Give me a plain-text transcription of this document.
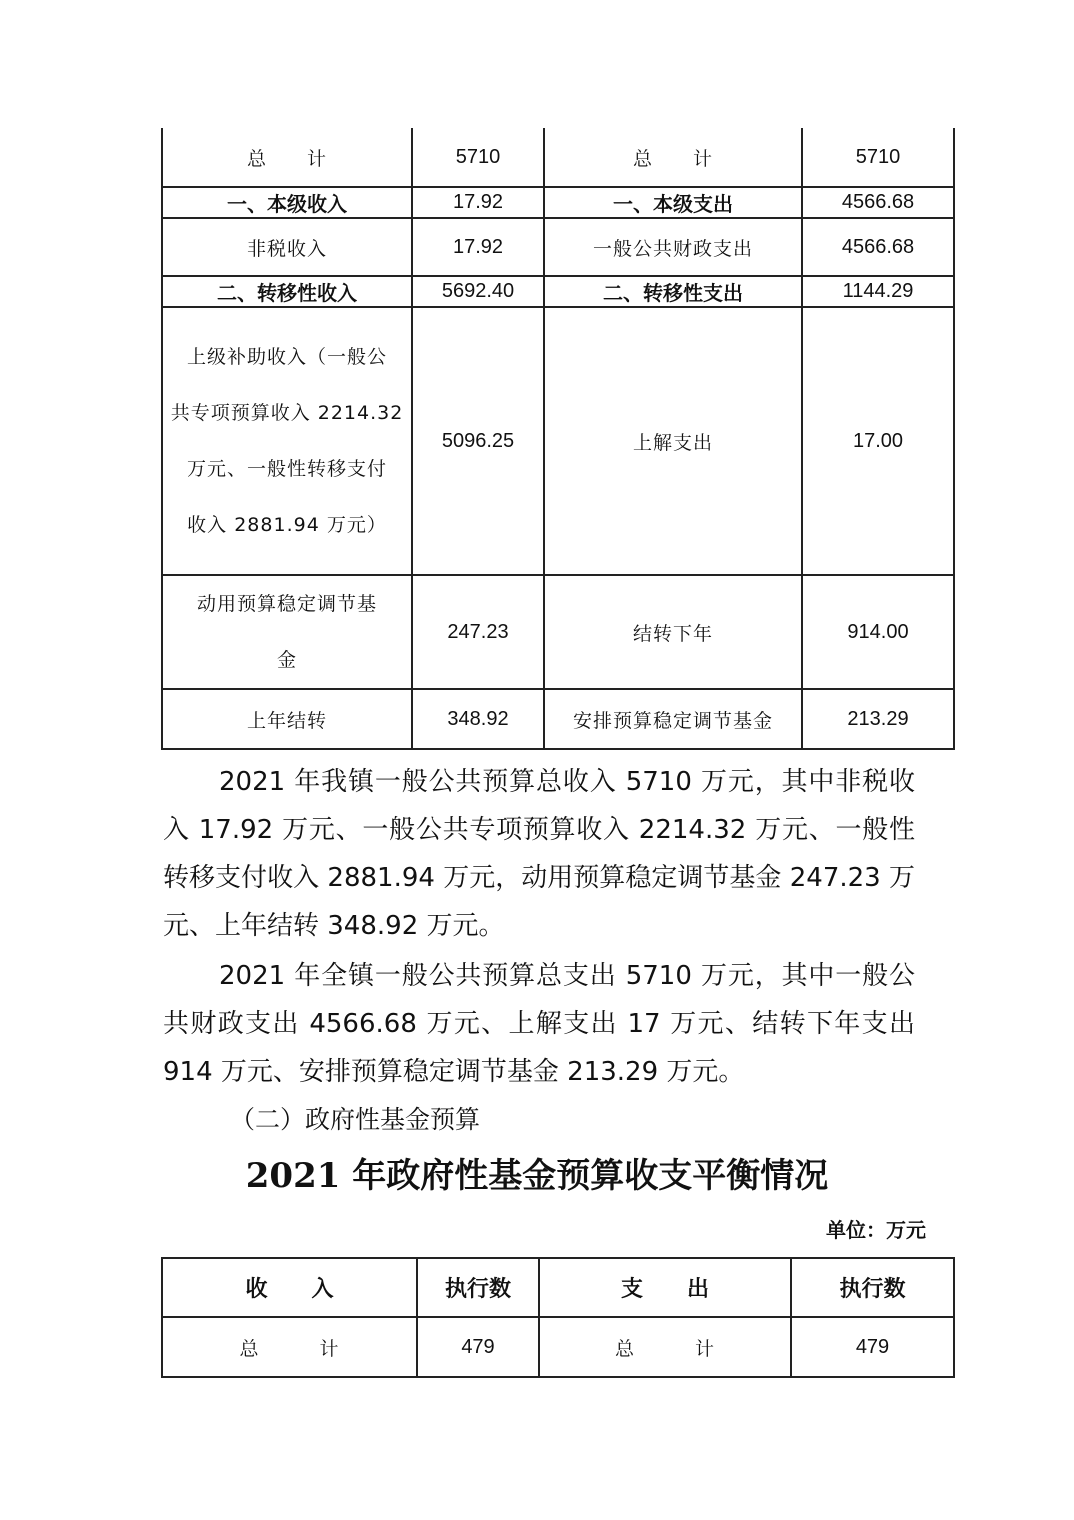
总　　计	5710	总　　计	5710
一、本级收入	17.92	一、本级支出	4566.68
非税收入	17.92	一般公共财政支出	4566.68
二、转移性收入	5692.40	二、转移性支出	1144.29

上级补助收入（一般公
共专项预算收入 2214.32
万元、一般性转移支付
收入 2881.94 万元）	5096.25	上解支出	17.00

动用预算稳定调节基
金	247.23	结转下年	914.00
上年结转	348.92	安排预算稳定调节基金	213.29
2021 年我镇一般公共预算总收入 5710 万元，其中非税收入 17.92 万元、一般公共专项预算收入 2214.32 万元、一般性转移支付收入 2881.94 万元，动用预算稳定调节基金 247.23 万元、上年结转 348.92 万元。
2021 年全镇一般公共预算总支出 5710 万元，其中一般公共财政支出 4566.68 万元、上解支出 17 万元、结转下年支出 914 万元、安排预算稳定调节基金 213.29 万元。
（二）政府性基金预算
2021 年政府性基金预算收支平衡情况
单位：万元
收　　入	执行数	支　　出	执行数
总　　　计	479	总　　　计	479
